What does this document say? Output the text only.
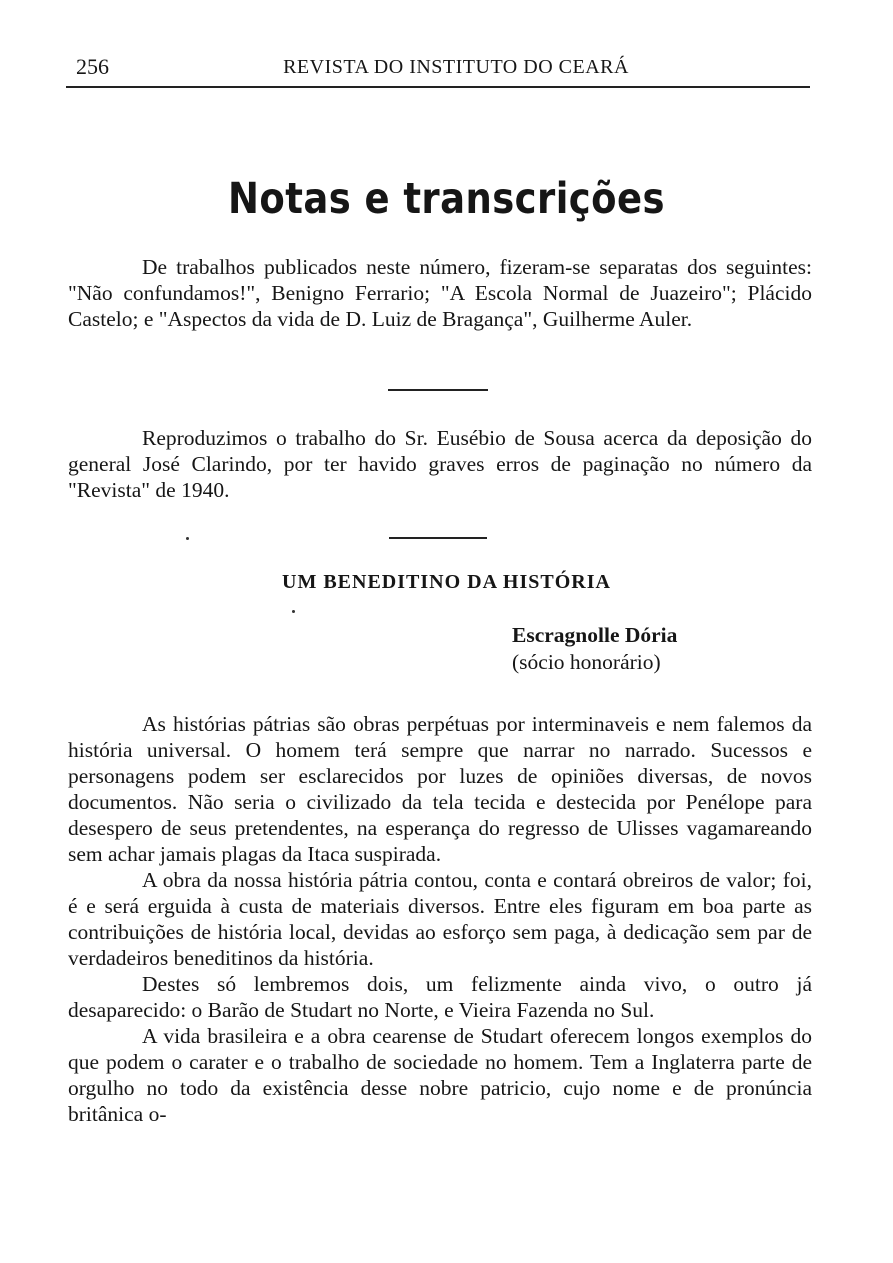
256	REVISTA DO INSTITUTO DO CEARÁ
Notas e transcrições

De trabalhos publicados neste número, fizeram-se separatas dos seguintes: "Não confundamos!", Benigno Ferrario; "A Escola Normal de Juazeiro"; Plácido Castelo; e "Aspectos da vida de D. Luiz de Bragança", Guilherme Auler.

Reproduzimos o trabalho do Sr. Eusébio de Sousa acerca da deposição do general José Clarindo, por ter havido graves erros de paginação no número da "Revista" de 1940.

UM BENEDITINO DA HISTÓRIA
Escragnolle Dória
(sócio honorário)

As histórias pátrias são obras perpétuas por interminaveis e nem falemos da história universal. O homem terá sempre que narrar no narrado. Sucessos e personagens podem ser esclarecidos por luzes de opiniões diversas, de novos documentos. Não seria o civilizado da tela tecida e destecida por Penélope para desespero de seus pretendentes, na esperança do regresso de Ulisses vagamareando sem achar jamais plagas da Itaca suspirada.

A obra da nossa história pátria contou, conta e contará obreiros de valor; foi, é e será erguida à custa de materiais diversos. Entre eles figuram em boa parte as contribuições de história local, devidas ao esforço sem paga, à dedicação sem par de verdadeiros beneditinos da história.

Destes só lembremos dois, um felizmente ainda vivo, o outro já desaparecido: o Barão de Studart no Norte, e Vieira Fazenda no Sul.

A vida brasileira e a obra cearense de Studart oferecem longos exemplos do que podem o carater e o trabalho de sociedade no homem. Tem a Inglaterra parte de orgulho no todo da existência desse nobre patricio, cujo nome e de pronúncia britânica o-
